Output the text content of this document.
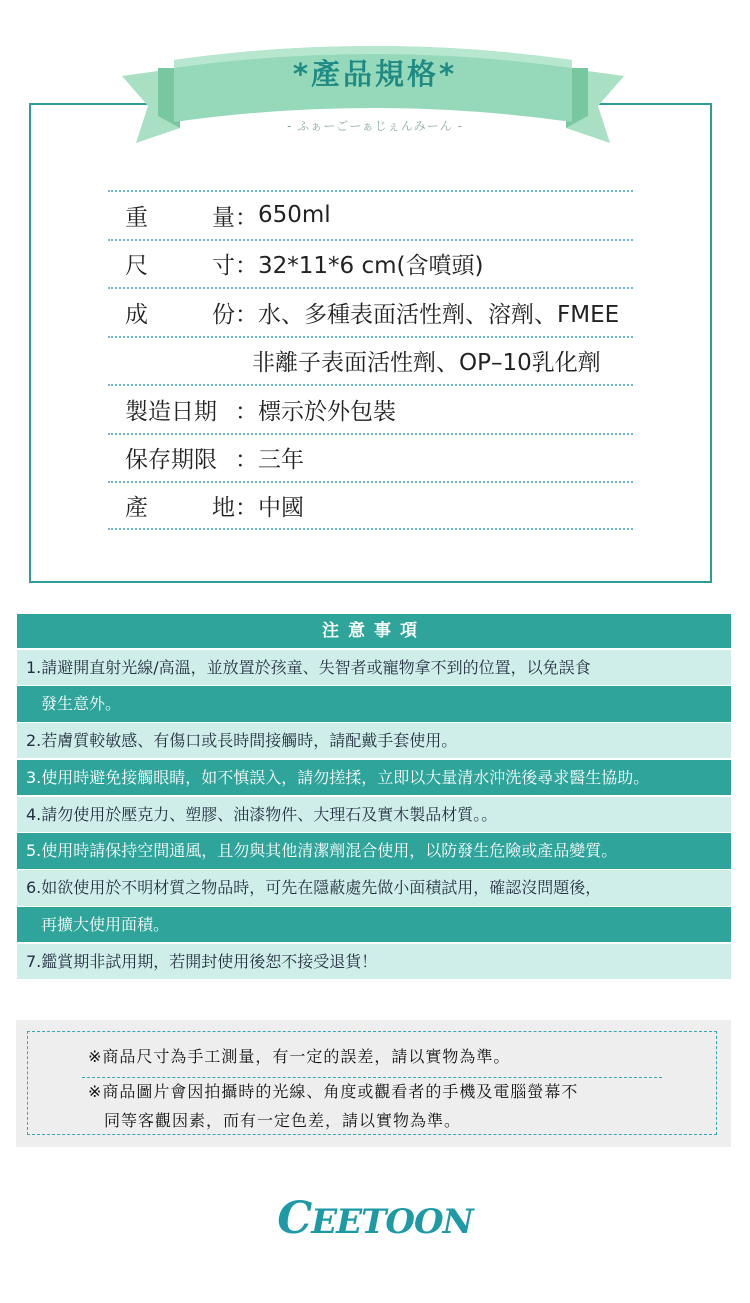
*產品規格*
- ふぁーごーぁじぇんみーん -
重	量 ： 650ml
尺	寸 ： 32*11*6 cm(含噴頭)
成	份 ： 水、多種表面活性劑、溶劑、FMEE
非離子表面活性劑、OP–10乳化劑
製造日期 ： 標示於外包裝
保存期限 ： 三年
產	地 ： 中國
注意事項
1.請避開直射光線/高溫，並放置於孩童、失智者或寵物拿不到的位置，以免誤食
發生意外。
2.若膚質較敏感、有傷口或長時間接觸時，請配戴手套使用。
3.使用時避免接觸眼睛，如不慎誤入，請勿搓揉，立即以大量清水沖洗後尋求醫生協助。
4.請勿使用於壓克力、塑膠、油漆物件、大理石及實木製品材質。。
5.使用時請保持空間通風，且勿與其他清潔劑混合使用，以防發生危險或產品變質。
6.如欲使用於不明材質之物品時，可先在隱蔽處先做小面積試用，確認沒問題後，
再擴大使用面積。
7.鑑賞期非試用期，若開封使用後恕不接受退貨！
※商品尺寸為手工測量，有一定的誤差，請以實物為準。
※商品圖片會因拍攝時的光線、角度或觀看者的手機及電腦螢幕不
同等客觀因素，而有一定色差，請以實物為準。
CEETOON
